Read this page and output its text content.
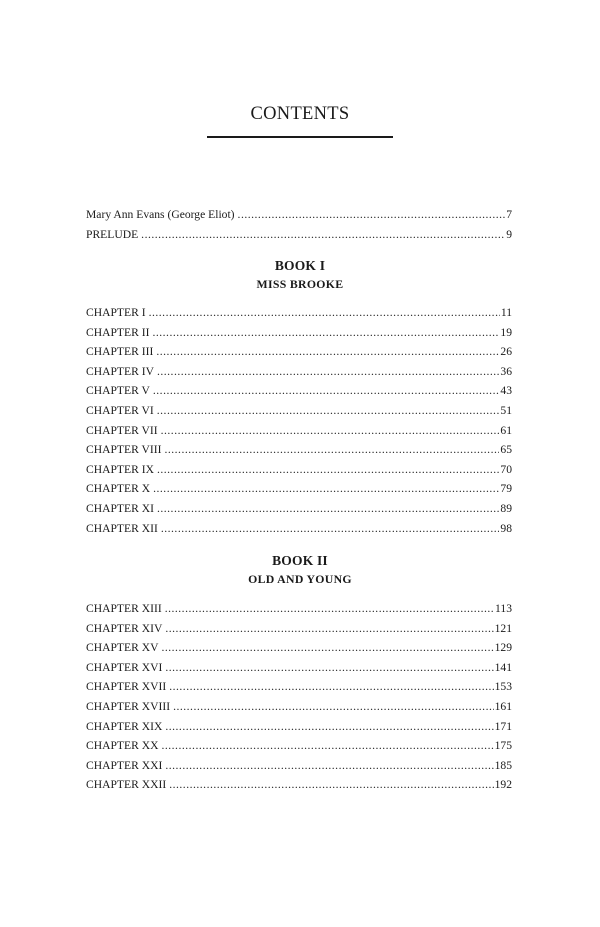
CONTENTS
Mary Ann Evans (George Eliot) . . .	7
PRELUDE . . .	9
BOOK I
MISS BROOKE
CHAPTER I . . .	11
CHAPTER II . . .	19
CHAPTER III . . .	26
CHAPTER IV . . .	36
CHAPTER V . . .	43
CHAPTER VI . . .	51
CHAPTER VII . . .	61
CHAPTER VIII . . .	65
CHAPTER IX . . .	70
CHAPTER X . . .	79
CHAPTER XI . . .	89
CHAPTER XII . . .	98
BOOK II
OLD AND YOUNG
CHAPTER XIII . . .	113
CHAPTER XIV . . .	121
CHAPTER XV . . .	129
CHAPTER XVI . . .	141
CHAPTER XVII . . .	153
CHAPTER XVIII . . .	161
CHAPTER XIX . . .	171
CHAPTER XX . . .	175
CHAPTER XXI . . .	185
CHAPTER XXII . . .	192
